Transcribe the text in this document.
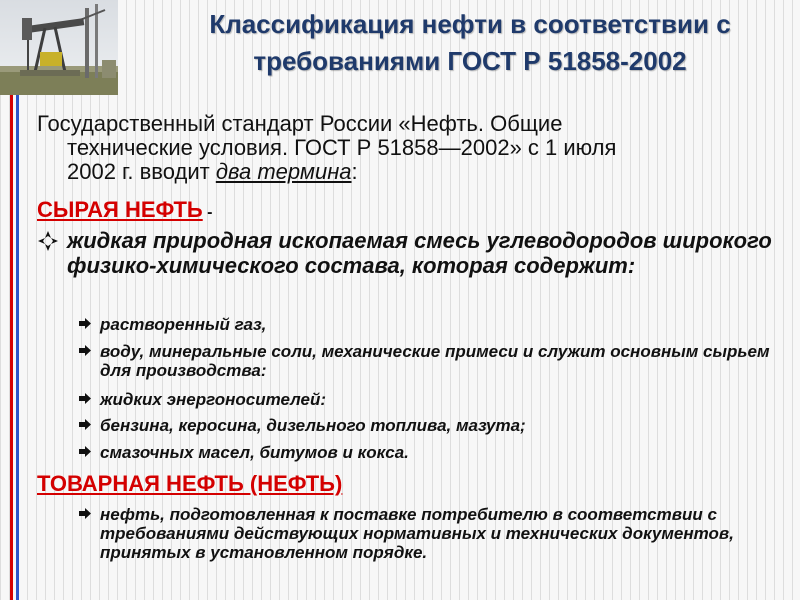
Классификация нефти в соответствии с
требованиями ГОСТ Р 51858-2002
Государственный стандарт России «Нефть. Общие
технические условия. ГОСТ Р 51858—2002» с 1 июля
2002 г. вводит два термина:
СЫРАЯ НЕФТЬ -
жидкая природная ископаемая смесь углеводородов широкого физико-химического состава, которая содержит:
растворенный газ,
воду, минеральные соли, механические примеси и служит основным сырьем для производства:
жидких энергоносителей:
бензина, керосина, дизельного топлива, мазута;
смазочных масел, битумов и кокса.
ТОВАРНАЯ НЕФТЬ (НЕФТЬ)
нефть, подготовленная к поставке потребителю в соответствии с требованиями действующих нормативных и технических документов, принятых в установленном порядке.
